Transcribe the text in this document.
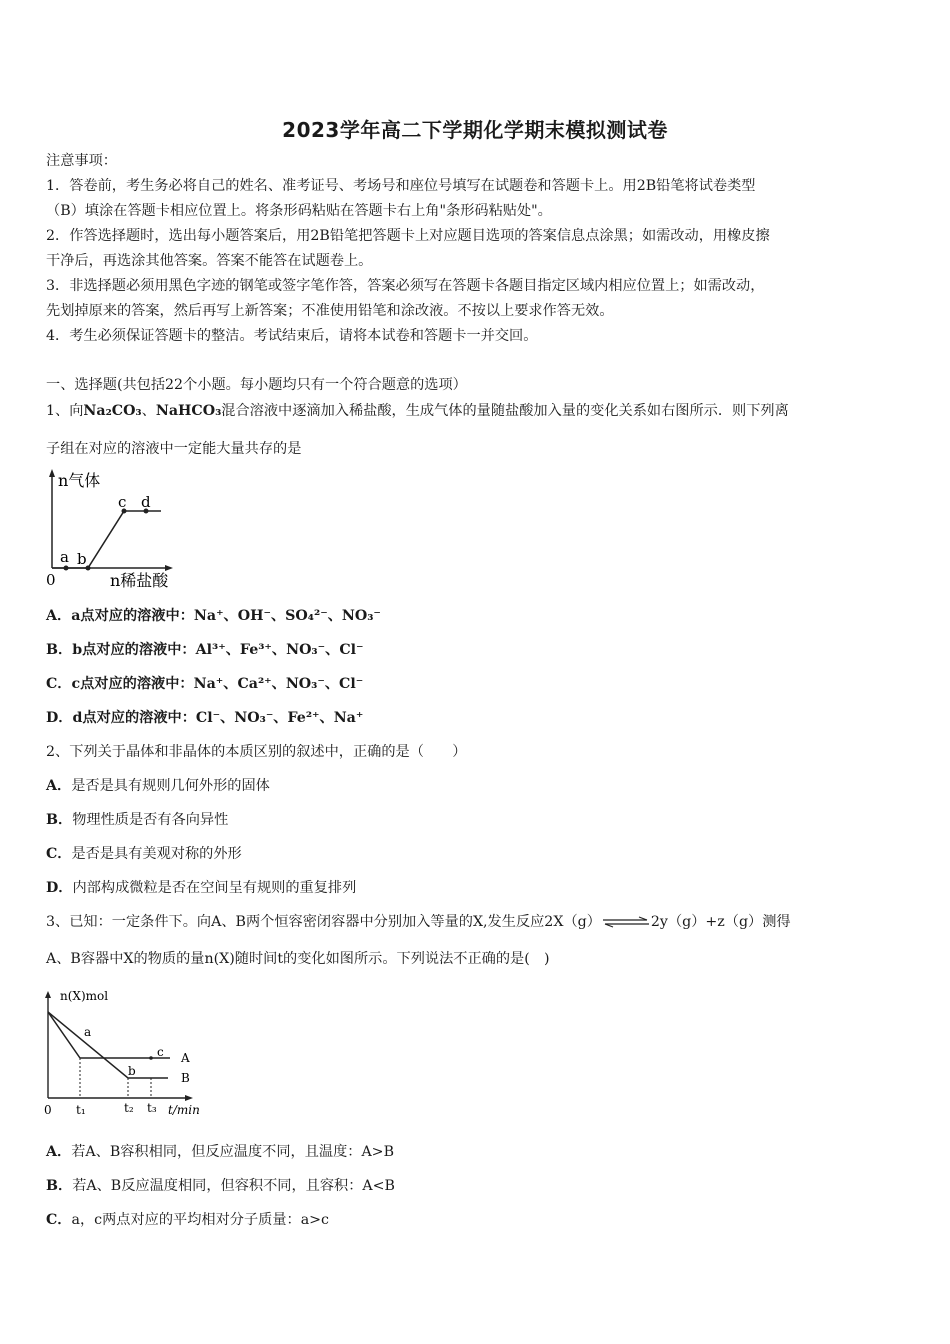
2023学年高二下学期化学期末模拟测试卷
注意事项：
1．答卷前，考生务必将自己的姓名、准考证号、考场号和座位号填写在试题卷和答题卡上。用2B铅笔将试卷类型
（B）填涂在答题卡相应位置上。将条形码粘贴在答题卡右上角"条形码粘贴处"。
2．作答选择题时，选出每小题答案后，用2B铅笔把答题卡上对应题目选项的答案信息点涂黑；如需改动，用橡皮擦
干净后，再选涂其他答案。答案不能答在试题卷上。
3．非选择题必须用黑色字迹的钢笔或签字笔作答，答案必须写在答题卡各题目指定区域内相应位置上；如需改动，
先划掉原来的答案，然后再写上新答案；不准使用铅笔和涂改液。不按以上要求作答无效。
4．考生必须保证答题卡的整洁。考试结束后，请将本试卷和答题卡一并交回。
一、选择题(共包括22个小题。每小题均只有一个符合题意的选项）
1、向Na₂CO₃、NaHCO₃混合溶液中逐滴加入稀盐酸，生成气体的量随盐酸加入量的变化关系如右图所示．则下列离
子组在对应的溶液中一定能大量共存的是
n气体
n稀盐酸
0
a b
c d
A．a点对应的溶液中：Na⁺、OH⁻、SO₄²⁻、NO₃⁻
B．b点对应的溶液中：Al³⁺、Fe³⁺、NO₃⁻、Cl⁻
C．c点对应的溶液中：Na⁺、Ca²⁺、NO₃⁻、Cl⁻
D．d点对应的溶液中：Cl⁻、NO₃⁻、Fe²⁺、Na⁺
2、下列关于晶体和非晶体的本质区别的叙述中，正确的是（　　）
A．是否是具有规则几何外形的固体
B．物理性质是否有各向异性
C．是否是具有美观对称的外形
D．内部构成微粒是否在空间呈有规则的重复排列
3、已知：一定条件下。向A、B两个恒容密闭容器中分别加入等量的X,发生反应2X（g）⇌2y（g）+z（g）测得
A、B容器中X的物质的量n(X)随时间t的变化如图所示。下列说法不正确的是(　)
n(X)mol
t/min
0 t₁	t₂ t₃
a
b
c A
B
A．若A、B容积相同，但反应温度不同，且温度：A>B
B．若A、B反应温度相同，但容积不同，且容积：A<B
C．a，c两点对应的平均相对分子质量：a>c
